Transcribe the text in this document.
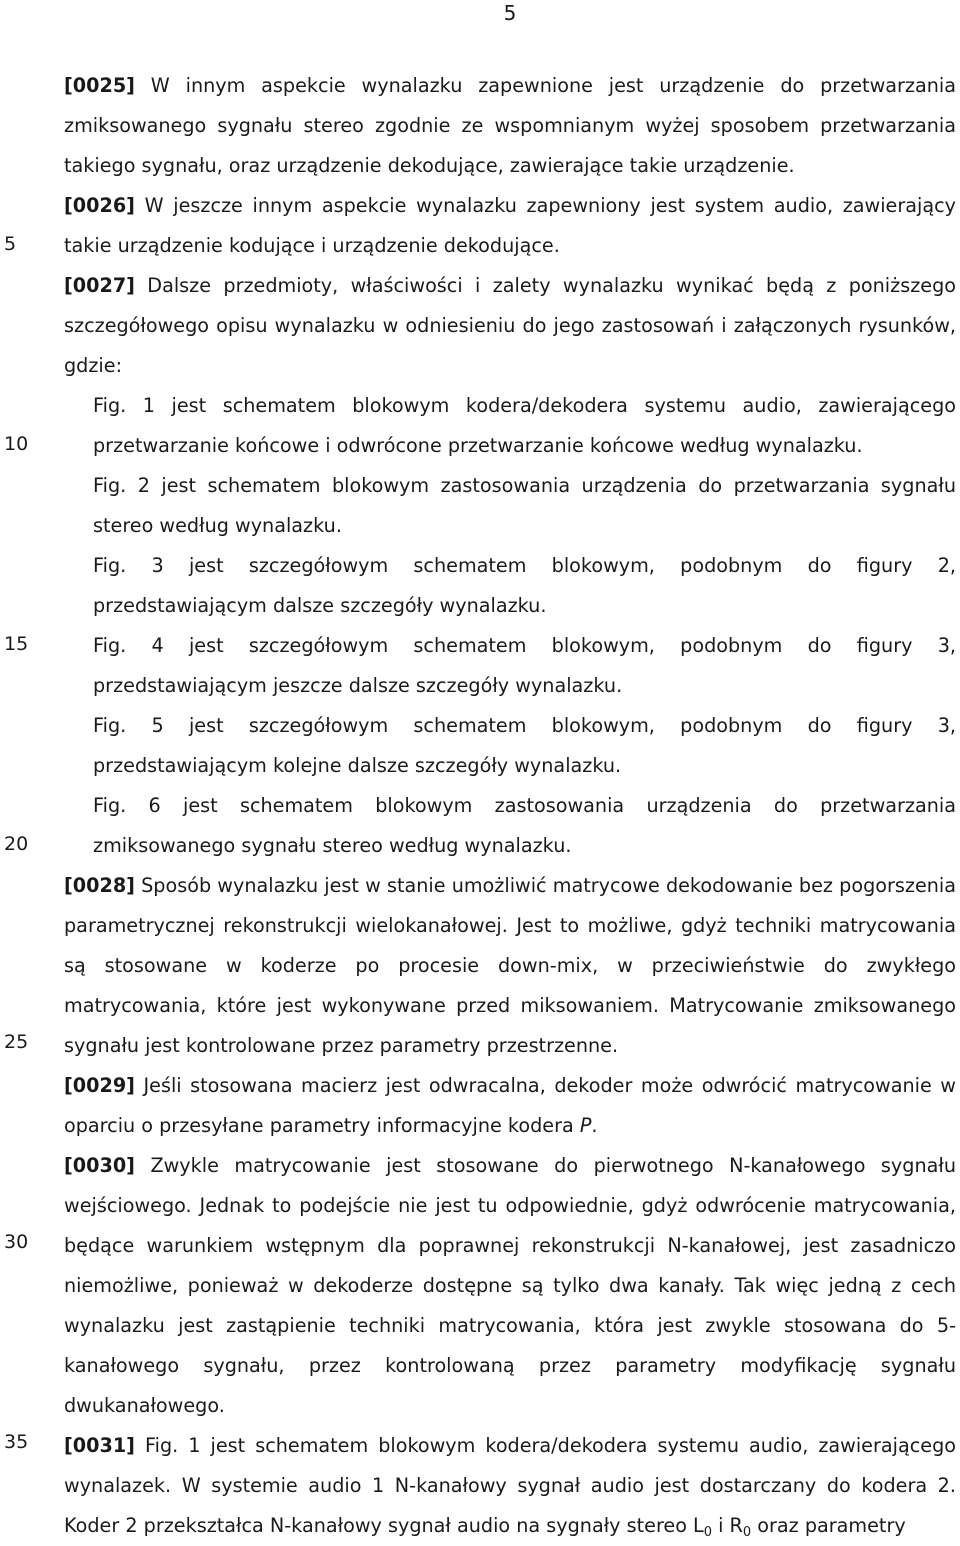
5
5
10
15
20
25
30
35

[0025] W innym aspekcie wynalazku zapewnione jest urządzenie do przetwarzania zmiksowanego sygnału stereo zgodnie ze wspomnianym wyżej sposobem przetwarzania takiego sygnału, oraz urządzenie dekodujące, zawierające takie urządzenie.

[0026] W jeszcze innym aspekcie wynalazku zapewniony jest system audio, zawierający takie urządzenie kodujące i urządzenie dekodujące.

[0027] Dalsze przedmioty, właściwości i zalety wynalazku wynikać będą z poniższego szczegółowego opisu wynalazku w odniesieniu do jego zastosowań i załączonych rysunków, gdzie:

Fig. 1 jest schematem blokowym kodera/dekodera systemu audio, zawierającego przetwarzanie końcowe i odwrócone przetwarzanie końcowe według wynalazku.

Fig. 2 jest schematem blokowym zastosowania urządzenia do przetwarzania sygnału stereo według wynalazku.

Fig. 3 jest szczegółowym schematem blokowym, podobnym do figury 2, przedstawiającym dalsze szczegóły wynalazku.

Fig. 4 jest szczegółowym schematem blokowym, podobnym do figury 3, przedstawiającym jeszcze dalsze szczegóły wynalazku.

Fig. 5 jest szczegółowym schematem blokowym, podobnym do figury 3, przedstawiającym kolejne dalsze szczegóły wynalazku.

Fig. 6 jest schematem blokowym zastosowania urządzenia do przetwarzania zmiksowanego sygnału stereo według wynalazku.

[0028] Sposób wynalazku jest w stanie umożliwić matrycowe dekodowanie bez pogorszenia parametrycznej rekonstrukcji wielokanałowej. Jest to możliwe, gdyż techniki matrycowania są stosowane w koderze po procesie down-mix, w przeciwieństwie do zwykłego matrycowania, które jest wykonywane przed miksowaniem. Matrycowanie zmiksowanego sygnału jest kontrolowane przez parametry przestrzenne.

[0029] Jeśli stosowana macierz jest odwracalna, dekoder może odwrócić matrycowanie w oparciu o przesyłane parametry informacyjne kodera P.

[0030] Zwykle matrycowanie jest stosowane do pierwotnego N-kanałowego sygnału wejściowego. Jednak to podejście nie jest tu odpowiednie, gdyż odwrócenie matrycowania, będące warunkiem wstępnym dla poprawnej rekonstrukcji N-kanałowej, jest zasadniczo niemożliwe, ponieważ w dekoderze dostępne są tylko dwa kanały. Tak więc jedną z cech wynalazku jest zastąpienie techniki matrycowania, która jest zwykle stosowana do 5-kanałowego sygnału, przez kontrolowaną przez parametry modyfikację sygnału dwukanałowego.

[0031] Fig. 1 jest schematem blokowym kodera/dekodera systemu audio, zawierającego wynalazek. W systemie audio 1 N-kanałowy sygnał audio jest dostarczany do kodera 2. Koder 2 przekształca N-kanałowy sygnał audio na sygnały stereo $L_0$ i $R_0$ oraz parametry
